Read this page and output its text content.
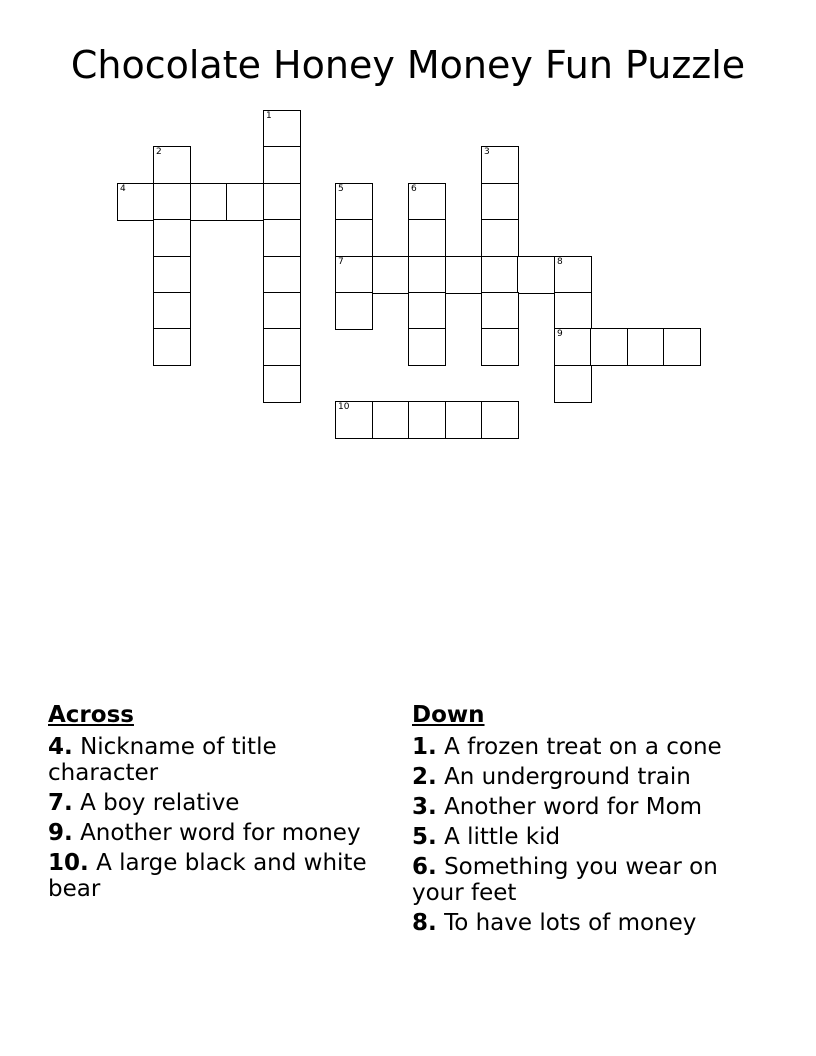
Chocolate Honey Money Fun Puzzle
1
2	3
4	5	6
7	8
9
10
Across
4. Nickname of title character
7. A boy relative
9. Another word for money
10. A large black and white bear
Down
1. A frozen treat on a cone
2. An underground train
3. Another word for Mom
5. A little kid
6. Something you wear on your feet
8. To have lots of money
